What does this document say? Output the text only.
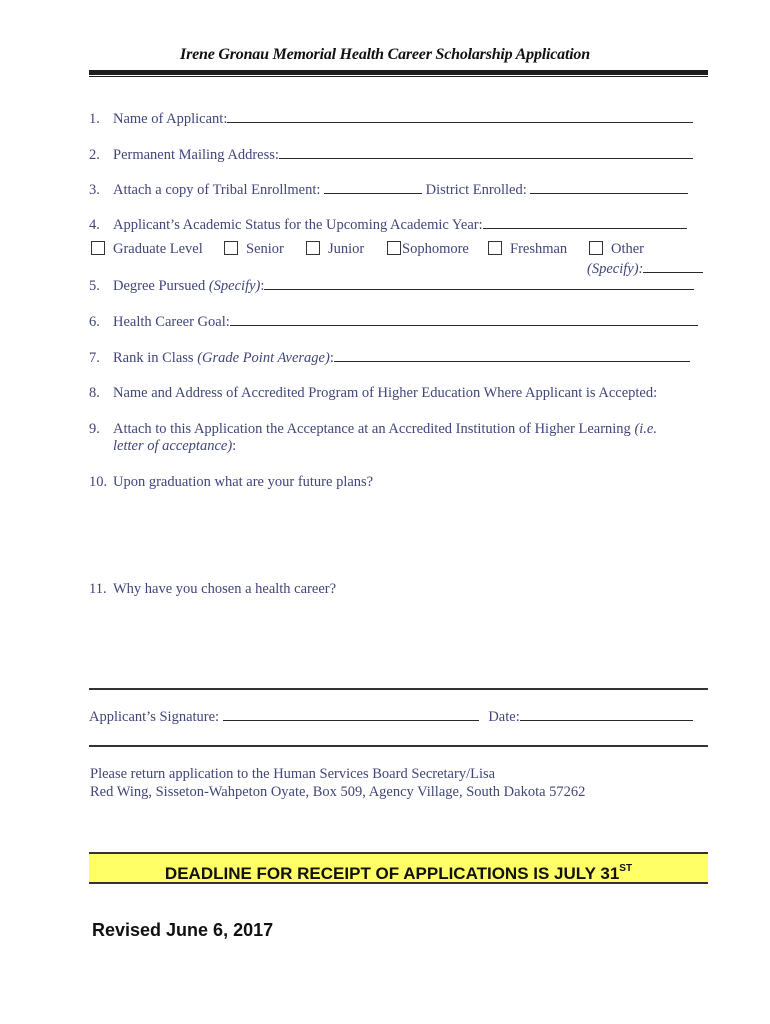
Irene Gronau Memorial Health Career Scholarship Application
1. Name of Applicant:
2. Permanent Mailing Address:
3. Attach a copy of Tribal Enrollment:	District Enrolled:
4. Applicant’s Academic Status for the Upcoming Academic Year:
Graduate Level	Senior	Junior	Sophomore	Freshman	Other
(Specify):
5. Degree Pursued (Specify):
6. Health Career Goal:
7. Rank in Class (Grade Point Average):
8. Name and Address of Accredited Program of Higher Education Where Applicant is Accepted:
9. Attach to this Application the Acceptance at an Accredited Institution of Higher Learning (i.e. letter of acceptance):
10. Upon graduation what are your future plans?
11. Why have you chosen a health career?
Applicant’s Signature:	Date:
Please return application to the Human Services Board Secretary/Lisa
Red Wing, Sisseton-Wahpeton Oyate, Box 509, Agency Village, South Dakota 57262
DEADLINE FOR RECEIPT OF APPLICATIONS IS JULY 31ST
Revised June 6, 2017
